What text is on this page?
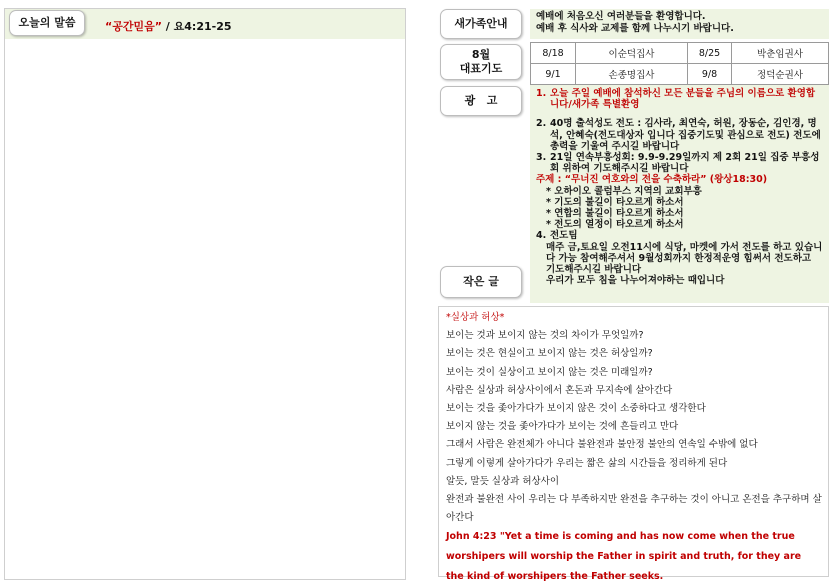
“공간믿음” / 요4:21-25
오늘의 말씀	새가족안내
예배에 처음오신 여러분들을 환영합니다.
예배 후 식사와 교제를 함께 나누시기 바랍니다.
8월
대표기도
8/18	이순덕집사	8/25	박춘임권사
9/1	손종명집사	9/8	정덕순권사
광   고
1. 오늘 주일 예배에 참석하신 모든 분들을 주님의 이름으로 환영합니다/새가족 특별환영
2. 40명 출석성도 전도 : 김사라, 최연숙, 허원, 장동순, 김인경, 명석, 안혜숙(전도대상자 입니다 집중기도및 관심으로 전도) 전도에 총력을 기울여 주시길 바랍니다
3. 21일 연속부흥성회: 9.9-9.29일까지 제 2회 21일 집중 부흥성회 위하여 기도해주시길 바랍니다
주제 : “무너진 여호와의 전을 수축하라” (왕상18:30)
* 오하이오 콜럼부스 지역의 교회부흥
* 기도의 불길이 타오르게 하소서
* 연합의 불길이 타오르게 하소서
* 전도의 열정이 타오르게 하소서
4. 전도팀
매주 금,토요일 오전11시에 식당, 마켓에 가서 전도를 하고 있습니다 가능 참여해주셔서 9월성회까지 한정적운영 힘써서 전도하고 기도해주시길 바랍니다
우리가 모두 침을 나누어져야하는 때입니다
작은 글
*실상과 허상*
보이는 것과 보이지 않는 것의 차이가 무엇일까?
보이는 것은 현실이고 보이지 않는 것은 허상일까?
보이는 것이 실상이고 보이지 않는 것은 미래일까?
사람은 실상과 허상사이에서 혼돈과 무지속에 살아간다
보이는 것을 좇아가다가 보이지 않은 것이 소중하다고 생각한다
보이지 않는 것을 좇아가다가 보이는 것에 흔들리고 만다
그래서 사람은 완전체가 아니다 불완전과 불안정 불안의 연속일 수밖에 없다
그렇게 이렇게 살아가다가 우리는 짧은 삶의 시간들을 정리하게 된다
알듯, 말듯 실상과 허상사이
완전과 불완전 사이 우리는 다 부족하지만 완전을 추구하는 것이 아니고 온전을 추구하며 살아간다
John 4:23 "Yet a time is coming and has now come when the true worshipers will worship the Father in spirit and truth, for they are the kind of worshipers the Father seeks.
